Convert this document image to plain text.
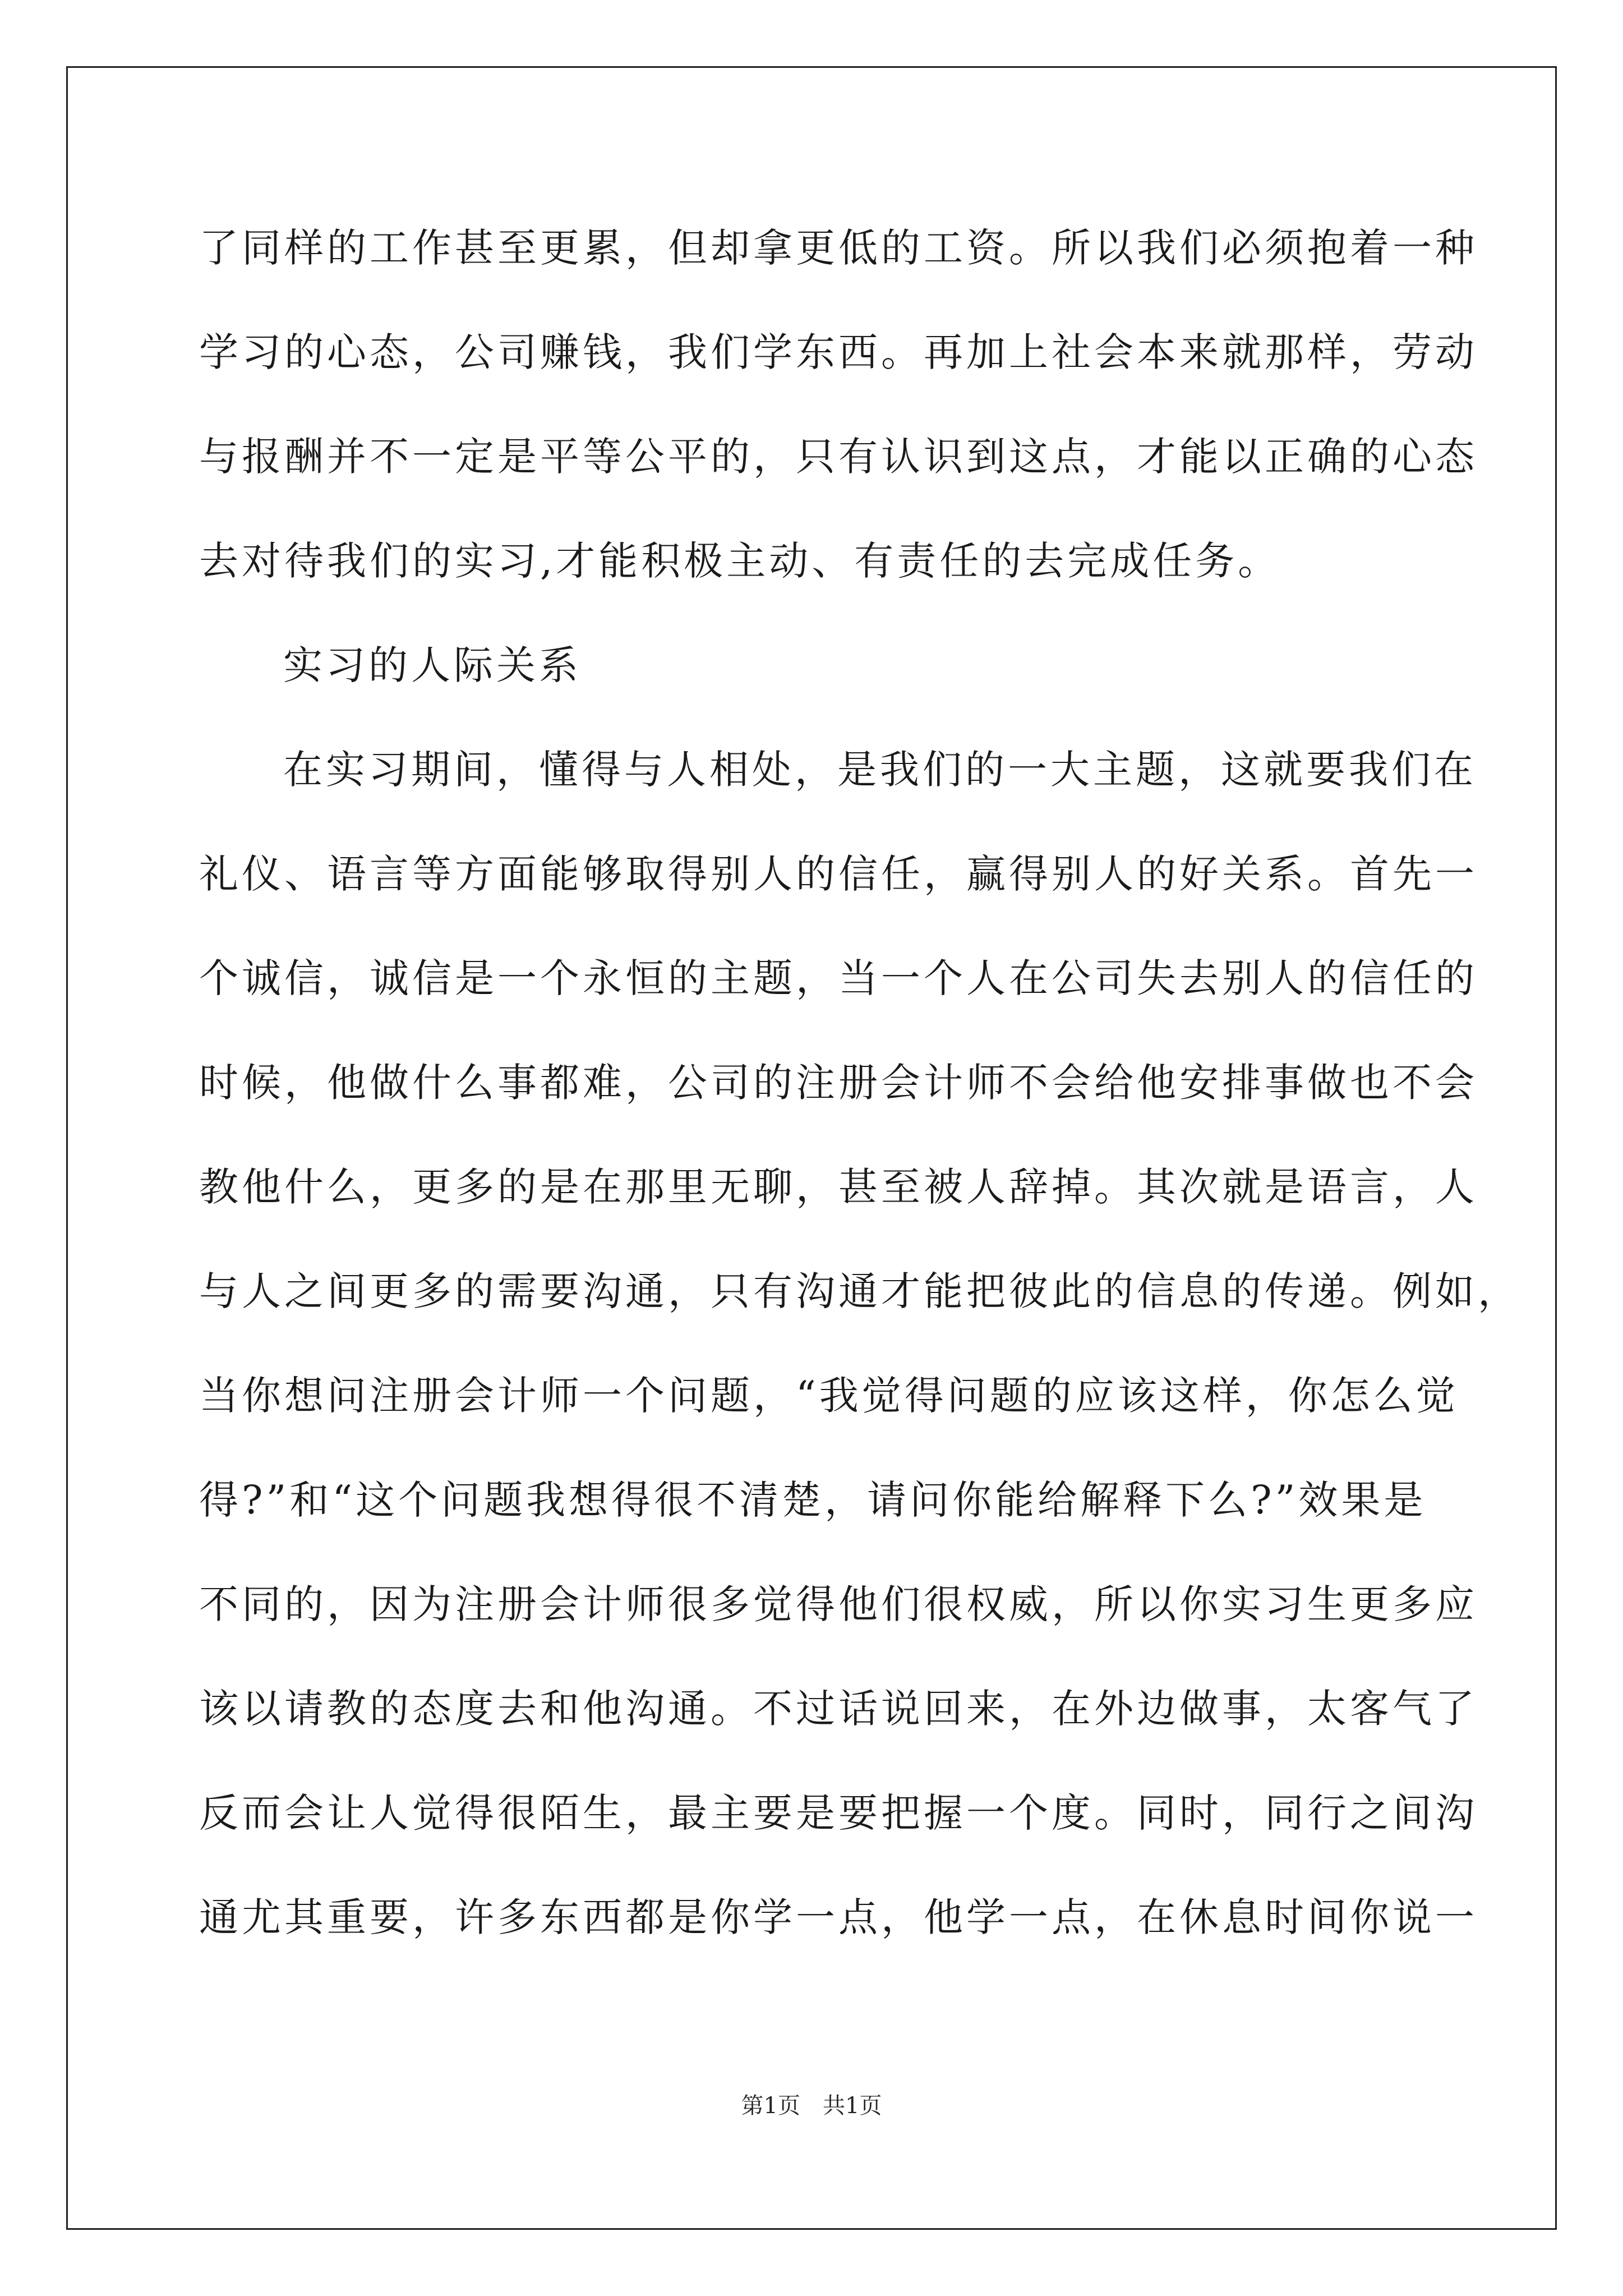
了同样的工作甚至更累，但却拿更低的工资。所以我们必须抱着一种
学习的心态，公司赚钱，我们学东西。再加上社会本来就那样，劳动
与报酬并不一定是平等公平的，只有认识到这点，才能以正确的心态
去对待我们的实习,才能积极主动、有责任的去完成任务。
实习的人际关系
在实习期间，懂得与人相处，是我们的一大主题，这就要我们在
礼仪、语言等方面能够取得别人的信任，赢得别人的好关系。首先一
个诚信，诚信是一个永恒的主题，当一个人在公司失去别人的信任的
时候，他做什么事都难，公司的注册会计师不会给他安排事做也不会
教他什么，更多的是在那里无聊，甚至被人辞掉。其次就是语言，人
与人之间更多的需要沟通，只有沟通才能把彼此的信息的传递。例如，
当你想问注册会计师一个问题，“我觉得问题的应该这样，你怎么觉
得?”和“这个问题我想得很不清楚，请问你能给解释下么?”效果是
不同的，因为注册会计师很多觉得他们很权威，所以你实习生更多应
该以请教的态度去和他沟通。不过话说回来，在外边做事，太客气了
反而会让人觉得很陌生，最主要是要把握一个度。同时，同行之间沟
通尤其重要，许多东西都是你学一点，他学一点，在休息时间你说一
第1页　共1页
